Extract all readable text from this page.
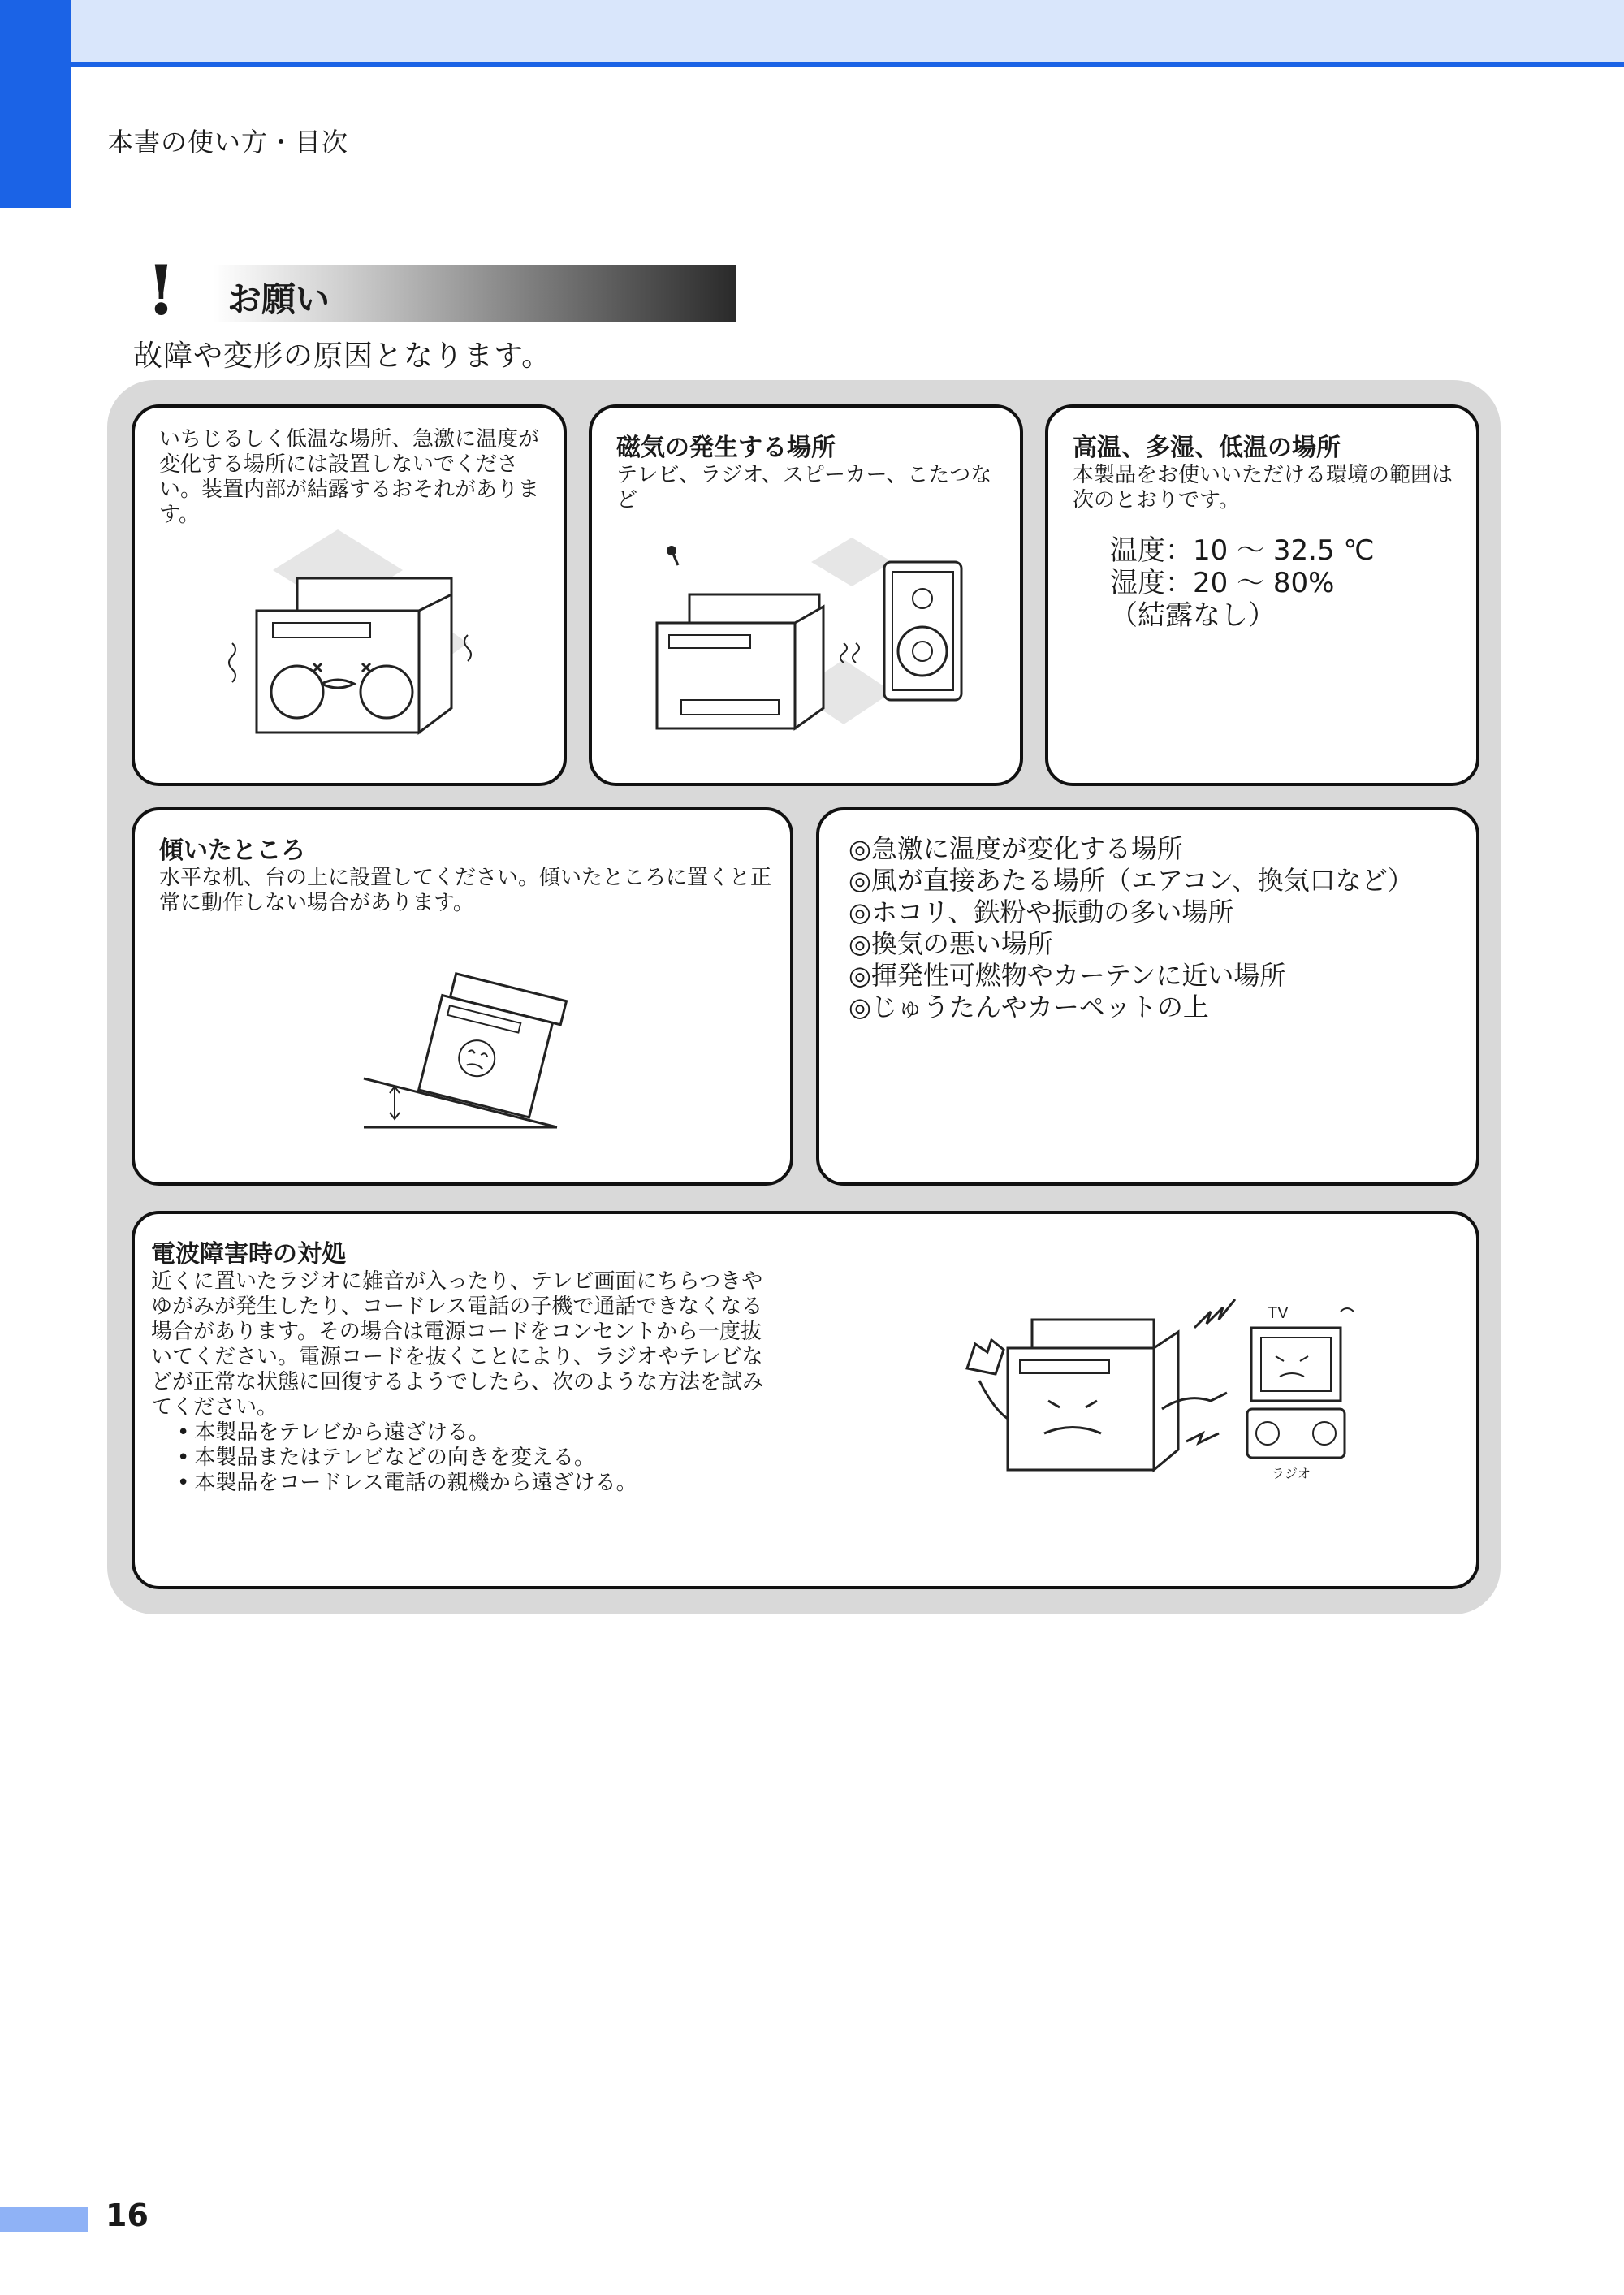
本書の使い方・目次
! お願い
故障や変形の原因となります。

いちじるしく低温な場所、急激に温度が変化する場所には設置しないでください。装置内部が結露するおそれがあります。

磁気の発生する場所

テレビ、ラジオ、スピーカー、こたつなど

高温、多湿、低温の場所

本製品をお使いいただける環境の範囲は次のとおりです。

温度：10 ～ 32.5 ℃
湿度：20 ～ 80%
（結露なし）
傾いたところ

水平な机、台の上に設置してください。傾いたところに置くと正常に動作しない場合があります。

◎急激に温度が変化する場所
◎風が直接あたる場所（エアコン、換気口など）
◎ホコリ、鉄粉や振動の多い場所
◎換気の悪い場所
◎揮発性可燃物やカーテンに近い場所
◎じゅうたんやカーペットの上
電波障害時の対処

近くに置いたラジオに雑音が入ったり、テレビ画面にちらつきやゆがみが発生したり、コードレス電話の子機で通話できなくなる場合があります。その場合は電源コードをコンセントから一度抜いてください。電源コードを抜くことにより、ラジオやテレビなどが正常な状態に回復するようでしたら、次のような方法を試みてください。

• 本製品をテレビから遠ざける。
• 本製品またはテレビなどの向きを変える。
• 本製品をコードレス電話の親機から遠ざける。
TV
ラジオ
16
